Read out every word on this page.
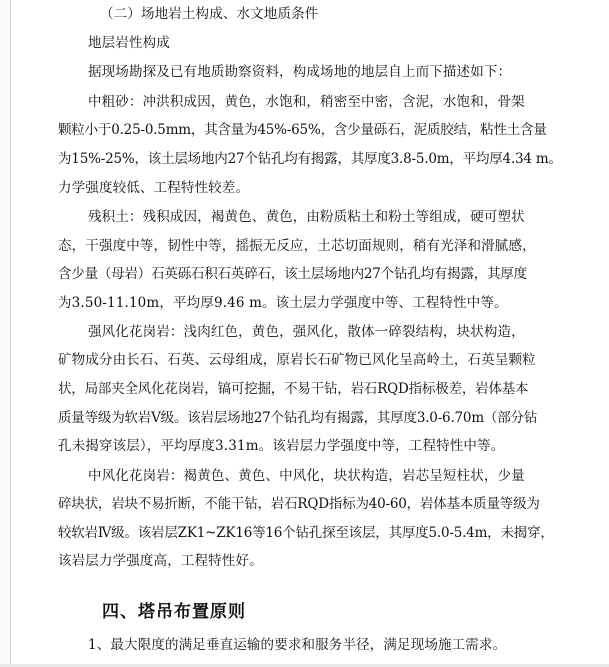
（二）场地岩土构成、水文地质条件

地层岩性构成

据现场勘探及已有地质勘察资料，构成场地的地层自上而下描述如下：

中粗砂：冲洪积成因，黄色，水饱和，稍密至中密，含泥，水饱和，骨架

颗粒小于0.25-0.5mm，其含量为45%-65%，含少量砾石，泥质胶结，粘性土含量

为15%-25%，该土层场地内27个钻孔均有揭露，其厚度3.8-5.0m，平均厚4.34 m。

力学强度较低、工程特性较差。

残积土：残积成因，褐黄色、黄色，由粉质粘土和粉土等组成，硬可塑状

态，干强度中等，韧性中等，摇振无反应，土芯切面规则，稍有光泽和滑腻感，

含少量（母岩）石英砾石积石英碎石，该土层场地内27个钻孔均有揭露，其厚度

为3.50-11.10m，平均厚9.46 m。该土层力学强度中等、工程特性中等。

强风化花岗岩：浅肉红色，黄色，强风化，散体一碎裂结构，块状构造，

矿物成分由长石、石英、云母组成，原岩长石矿物已风化呈高岭土，石英呈颗粒

状，局部夹全风化花岗岩，镐可挖掘，不易干钻，岩石RQD指标极差，岩体基本

质量等级为软岩V级。该岩层场地27个钻孔均有揭露，其厚度3.0-6.70m（部分钻

孔未揭穿该层），平均厚度3.31m。该岩层力学强度中等，工程特性中等。

中风化花岗岩：褐黄色、黄色、中风化，块状构造，岩芯呈短柱状，少量

碎块状，岩块不易折断，不能干钻，岩石RQD指标为40-60，岩体基本质量等级为

较软岩Ⅳ级。该岩层ZK1~ZK16等16个钻孔探至该层，其厚度5.0-5.4m，未揭穿，

该岩层力学强度高，工程特性好。

四、塔吊布置原则

1、最大限度的满足垂直运输的要求和服务半径，满足现场施工需求。
